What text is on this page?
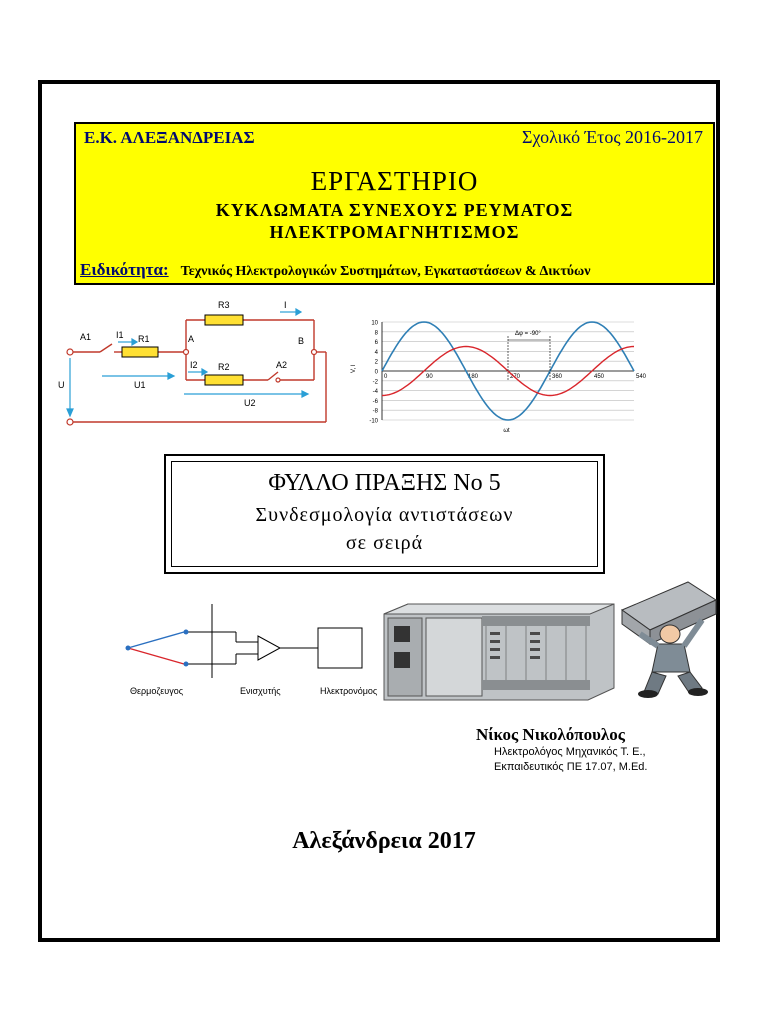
Ε.Κ. ΑΛΕΞΑΝΔΡΕΙΑΣ	Σχολικό Έτος 2016-2017
ΕΡΓΑΣΤΗΡΙΟ
ΚΥΚΛΩΜΑΤΑ ΣΥΝΕΧΟΥΣ ΡΕΥΜΑΤΟΣ
ΗΛΕΚΤΡΟΜΑΓΝΗΤΙΣΜΟΣ
Ειδικότητα: Τεχνικός Ηλεκτρολογικών Συστημάτων, Εγκαταστάσεων & Δικτύων
R3	I
A1	I1 R1	A	B
U1
I2 R2	A2
U2
U
10
8
6
4
2
0
-2
-4
-6
-8
-10
0	90	180	270	360	450	540
Δφ = -90°
V, I
ωt
ΦΥΛΛΟ ΠΡΑΞΗΣ Νο 5
Συνδεσμολογία αντιστάσεων
σε σειρά
Θερμοζευγος	Ενισχυτής	Ηλεκτρονόμος
Νίκος Νικολόπουλος
Ηλεκτρολόγος Μηχανικός Τ. Ε.,
Εκπαιδευτικός ΠΕ 17.07, M.Ed.
Αλεξάνδρεια 2017
